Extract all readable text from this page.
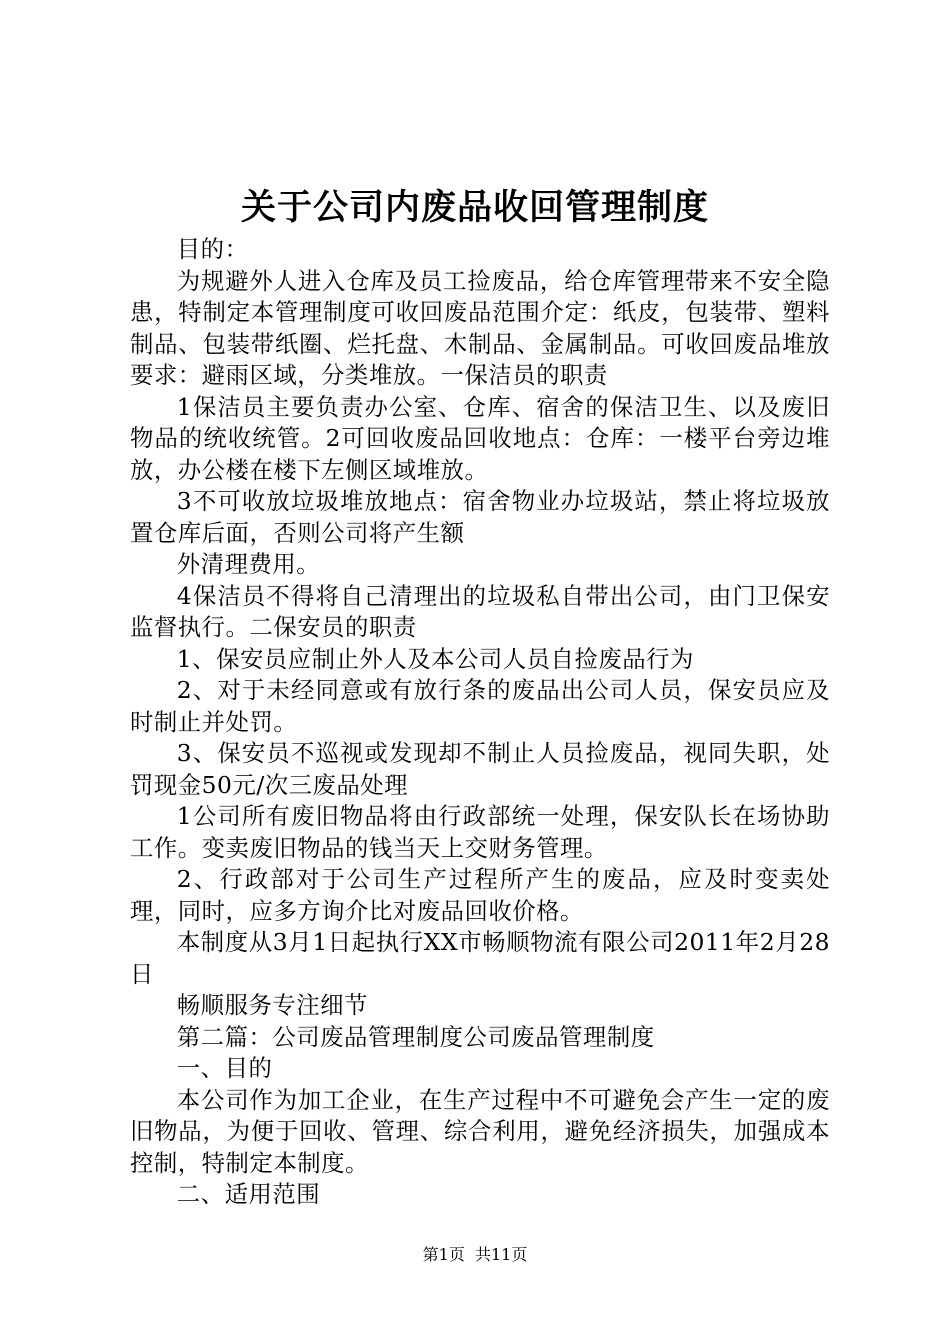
关于公司内废品收回管理制度

目的：

为规避外人进入仓库及员工捡废品，给仓库管理带来不安全隐患，特制定本管理制度可收回废品范围介定：纸皮，包装带、塑料制品、包装带纸圈、烂托盘、木制品、金属制品。可收回废品堆放要求：避雨区域，分类堆放。一保洁员的职责

1保洁员主要负责办公室、仓库、宿舍的保洁卫生、以及废旧物品的统收统管。2可回收废品回收地点：仓库：一楼平台旁边堆放，办公楼在楼下左侧区域堆放。

3不可收放垃圾堆放地点：宿舍物业办垃圾站，禁止将垃圾放置仓库后面，否则公司将产生额

外清理费用。

4保洁员不得将自己清理出的垃圾私自带出公司，由门卫保安监督执行。二保安员的职责

1、保安员应制止外人及本公司人员自捡废品行为

2、对于未经同意或有放行条的废品出公司人员，保安员应及时制止并处罚。

3、保安员不巡视或发现却不制止人员捡废品，视同失职，处罚现金50元/次三废品处理

1公司所有废旧物品将由行政部统一处理，保安队长在场协助工作。变卖废旧物品的钱当天上交财务管理。

2、行政部对于公司生产过程所产生的废品，应及时变卖处理，同时，应多方询介比对废品回收价格。

本制度从3月1日起执行XX市畅顺物流有限公司2011年2月28日

畅顺服务专注细节

第二篇：公司废品管理制度公司废品管理制度

一、目的

本公司作为加工企业，在生产过程中不可避免会产生一定的废旧物品，为便于回收、管理、综合利用，避免经济损失，加强成本控制，特制定本制度。

二、适用范围

第1页  共11页
